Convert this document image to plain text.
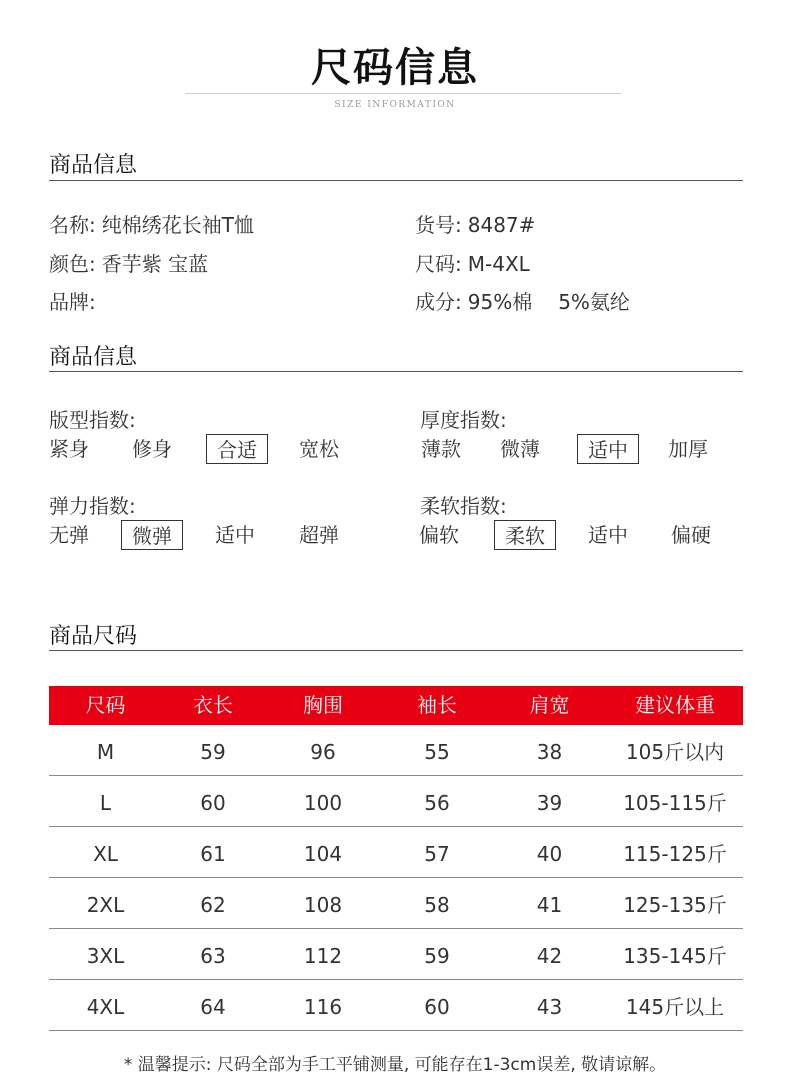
尺码信息
SIZE INFORMATION
商品信息
名称: 纯棉绣花长袖T恤	货号: 8487#
颜色: 香芋紫 宝蓝	尺码: M-4XL
品牌:	成分: 95%棉 5%氨纶
商品信息
版型指数:
紧身	修身	合适	宽松
厚度指数:
薄款	微薄	适中	加厚
弹力指数:
无弹	微弹	适中	超弹
柔软指数:
偏软	柔软	适中	偏硬
商品尺码
尺码	衣长	胸围	袖长	肩宽	建议体重
M	59	96	55	38	105斤以内
L	60	100	56	39	105-115斤
XL	61	104	57	40	115-125斤
2XL	62	108	58	41	125-135斤
3XL	63	112	59	42	135-145斤
4XL	64	116	60	43	145斤以上
* 温馨提示: 尺码全部为手工平铺测量, 可能存在1-3cm误差, 敬请谅解。
